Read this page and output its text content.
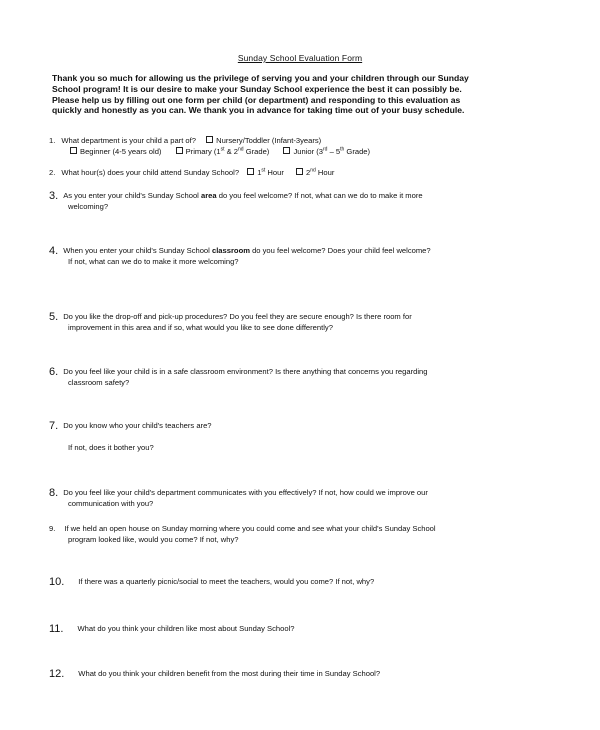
Sunday School Evaluation Form
Thank you so much for allowing us the privilege of serving you and your children through our Sunday
School program! It is our desire to make your Sunday School experience the best it can possibly be.
Please help us by filling out one form per child (or department) and responding to this evaluation as
quickly and honestly as you can. We thank you in advance for taking time out of your busy schedule.
1. What department is your child a part of?	Nursery/Toddler (Infant-3years)
Beginner (4-5 years old)	Primary (1st & 2nd Grade)	Junior (3rd – 5th Grade)
2. What hour(s) does your child attend Sunday School? 1st Hour	2nd Hour
3. As you enter your child's Sunday School area do you feel welcome? If not, what can we do to make it more
welcoming?
4. When you enter your child's Sunday School classroom do you feel welcome? Does your child feel welcome?
If not, what can we do to make it more welcoming?
5. Do you like the drop-off and pick-up procedures? Do you feel they are secure enough? Is there room for
improvement in this area and if so, what would you like to see done differently?
6. Do you feel like your child is in a safe classroom environment? Is there anything that concerns you regarding
classroom safety?
7. Do you know who your child's teachers are?
If not, does it bother you?
8. Do you feel like your child's department communicates with you effectively? If not, how could we improve our
communication with you?
9. If we held an open house on Sunday morning where you could come and see what your child's Sunday School
program looked like, would you come? If not, why?
10. If there was a quarterly picnic/social to meet the teachers, would you come? If not, why?
11. What do you think your children like most about Sunday School?
12. What do you think your children benefit from the most during their time in Sunday School?
